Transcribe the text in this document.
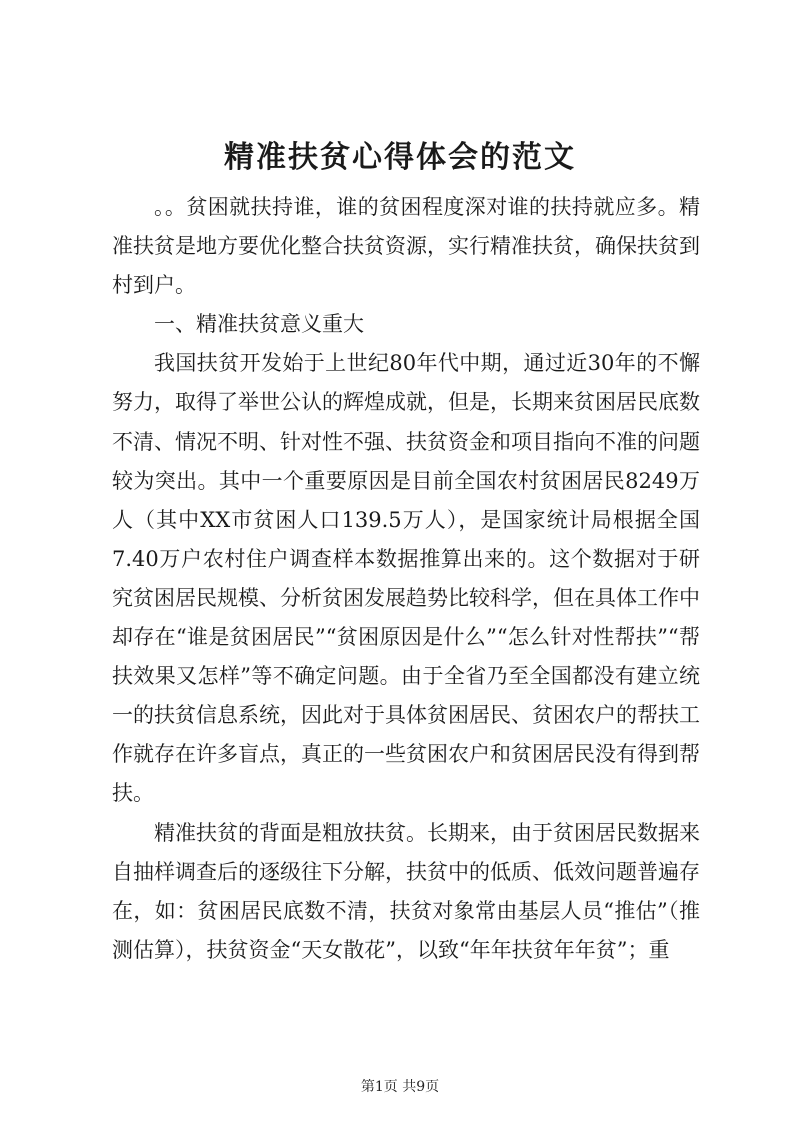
精准扶贫心得体会的范文

。。贫困就扶持谁，谁的贫困程度深对谁的扶持就应多。精准扶贫是地方要优化整合扶贫资源，实行精准扶贫，确保扶贫到村到户。

一、精准扶贫意义重大

我国扶贫开发始于上世纪80年代中期，通过近30年的不懈努力，取得了举世公认的辉煌成就，但是，长期来贫困居民底数不清、情况不明、针对性不强、扶贫资金和项目指向不准的问题较为突出。其中一个重要原因是目前全国农村贫困居民8249万人（其中XX市贫困人口139.5万人），是国家统计局根据全国7.40万户农村住户调查样本数据推算出来的。这个数据对于研究贫困居民规模、分析贫困发展趋势比较科学，但在具体工作中却存在“谁是贫困居民”“贫困原因是什么”“怎么针对性帮扶”“帮扶效果又怎样”等不确定问题。由于全省乃至全国都没有建立统一的扶贫信息系统，因此对于具体贫困居民、贫困农户的帮扶工作就存在许多盲点，真正的一些贫困农户和贫困居民没有得到帮扶。

精准扶贫的背面是粗放扶贫。长期来，由于贫困居民数据来自抽样调查后的逐级往下分解，扶贫中的低质、低效问题普遍存在，如：贫困居民底数不清，扶贫对象常由基层人员“推估”（推测估算），扶贫资金“天女散花”，以致“年年扶贫年年贫”；重

第1页 共9页
